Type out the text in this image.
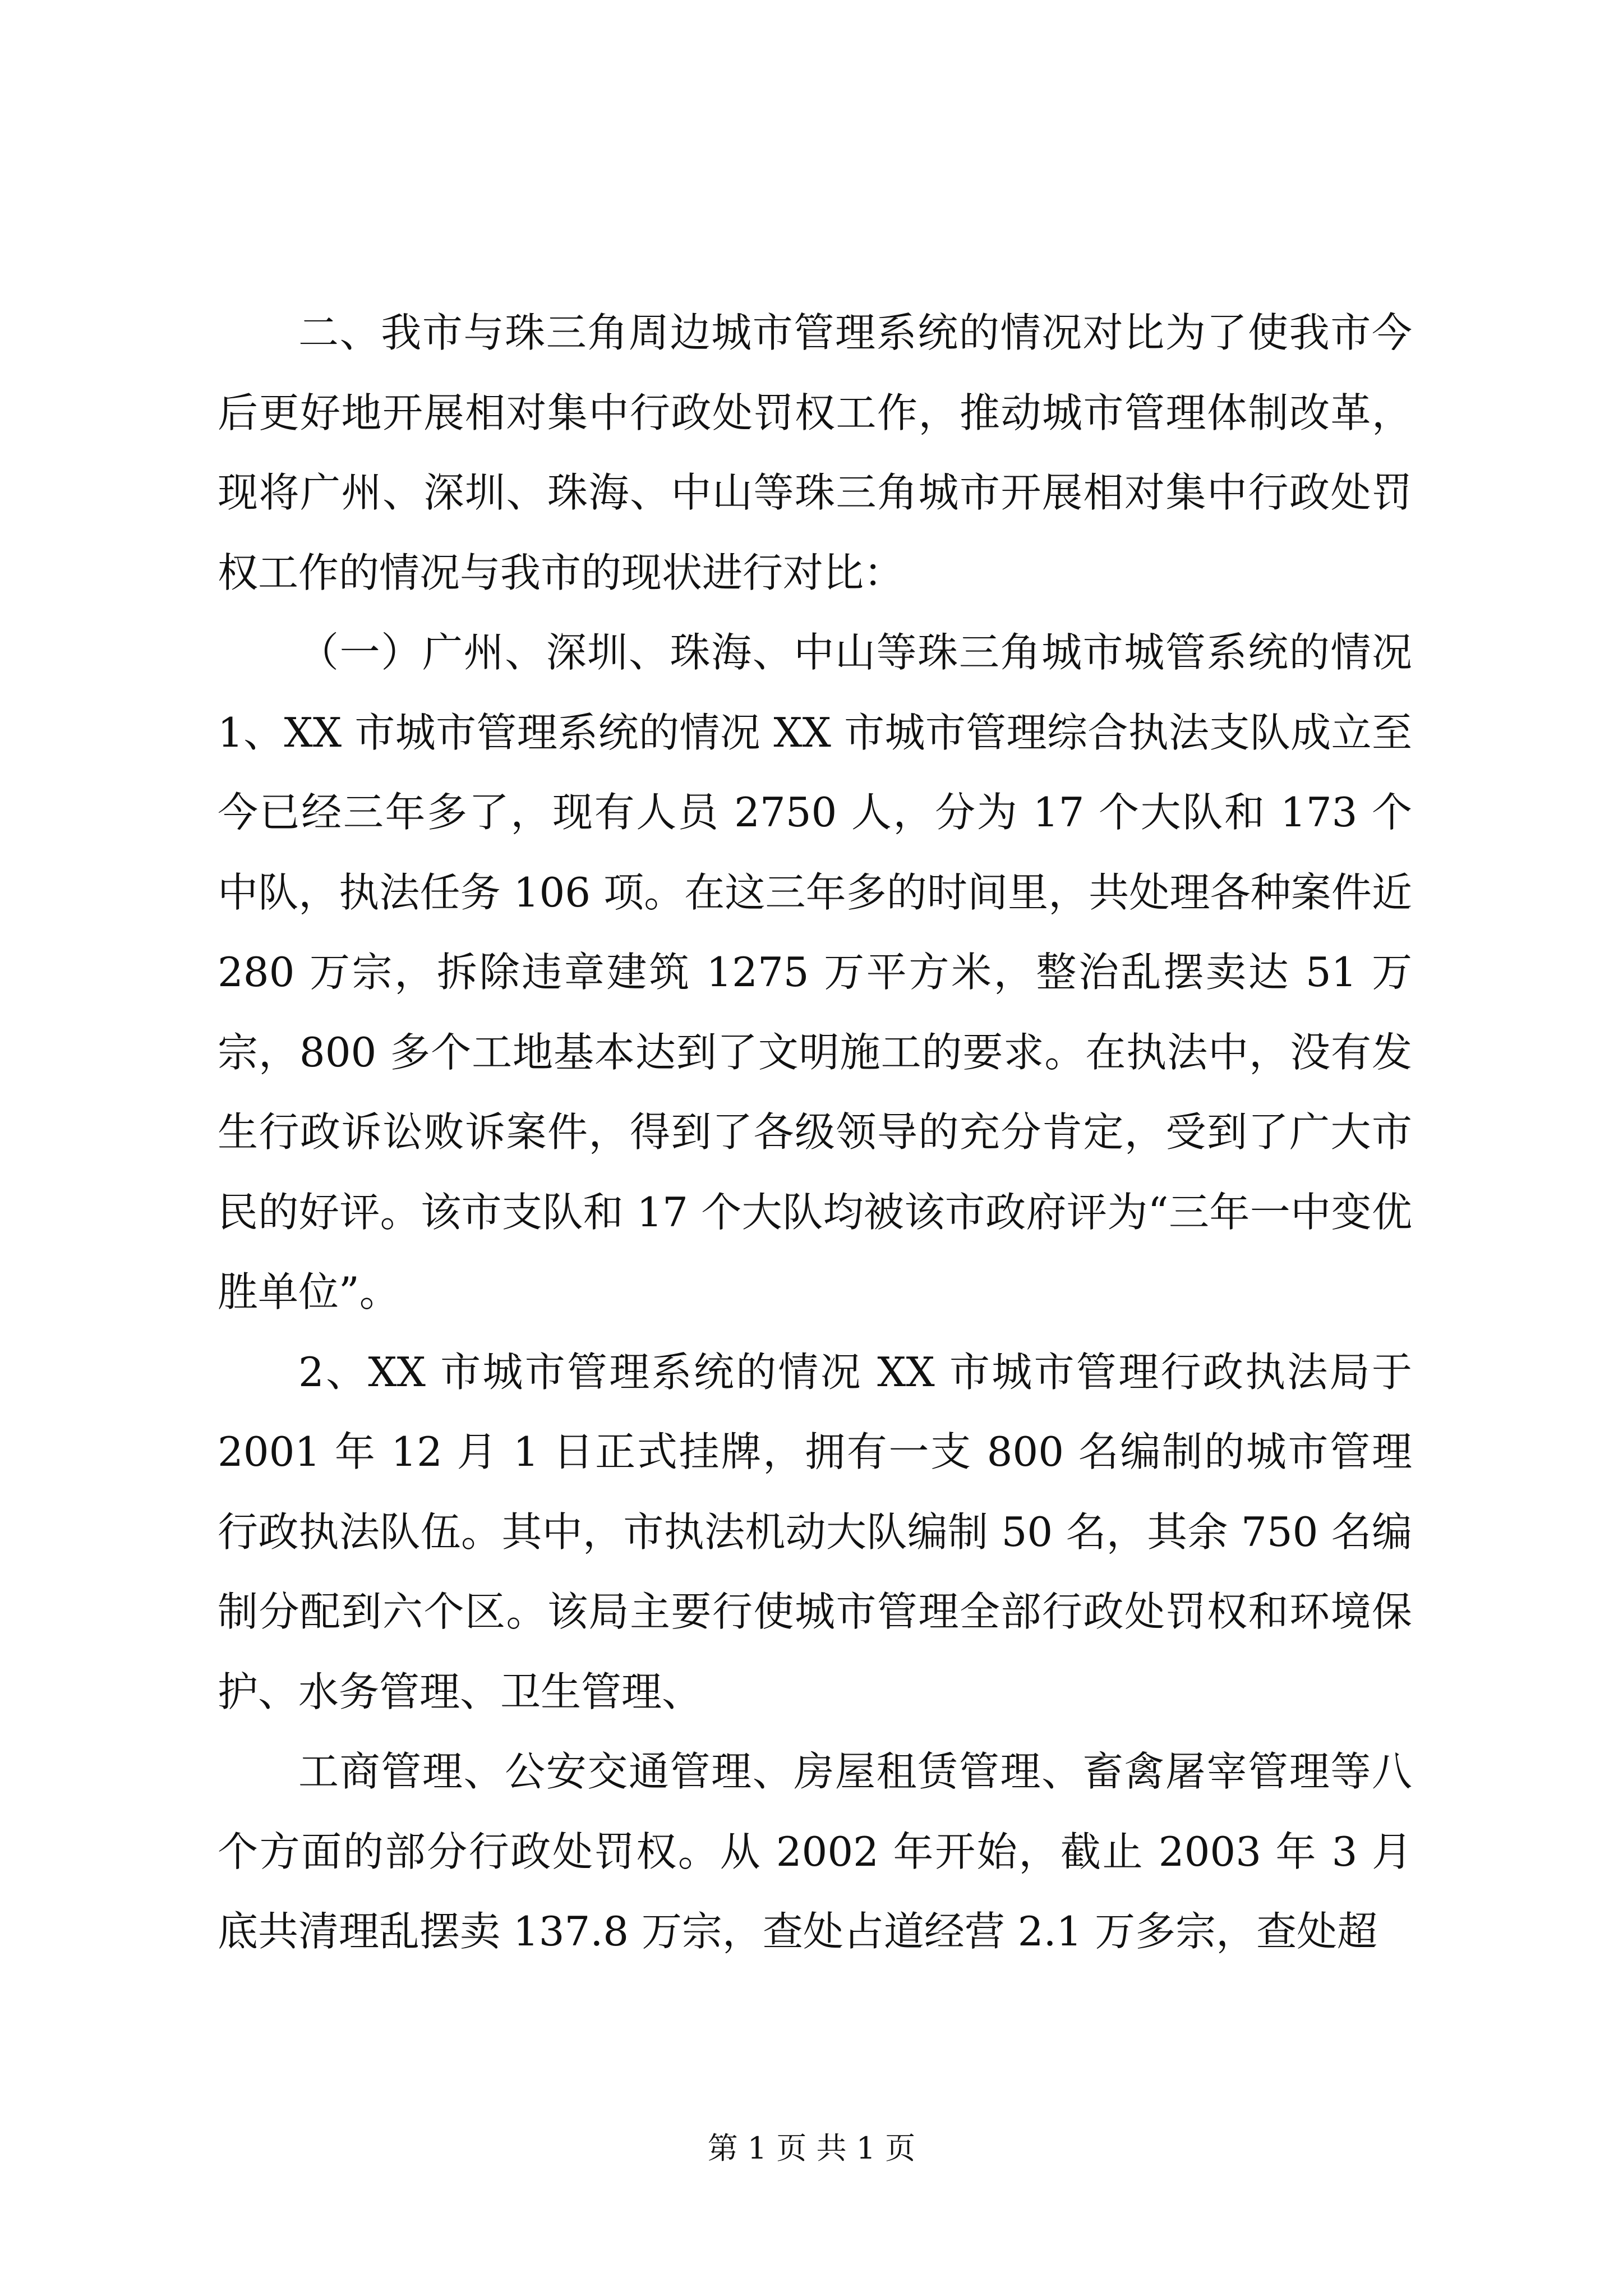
二、我市与珠三角周边城市管理系统的情况对比为了使我市今后更好地开展相对集中行政处罚权工作，推动城市管理体制改革，现将广州、深圳、珠海、中山等珠三角城市开展相对集中行政处罚权工作的情况与我市的现状进行对比：

（一）广州、深圳、珠海、中山等珠三角城市城管系统的情况 1、XX 市城市管理系统的情况 XX 市城市管理综合执法支队成立至今已经三年多了，现有人员 2750 人，分为 17 个大队和 173 个中队，执法任务 106 项。在这三年多的时间里，共处理各种案件近 280 万宗，拆除违章建筑 1275 万平方米，整治乱摆卖达 51 万宗，800 多个工地基本达到了文明施工的要求。在执法中，没有发生行政诉讼败诉案件，得到了各级领导的充分肯定，受到了广大市民的好评。该市支队和 17 个大队均被该市政府评为“三年一中变优胜单位”。

2、XX 市城市管理系统的情况 XX 市城市管理行政执法局于 2001 年 12 月 1 日正式挂牌，拥有一支 800 名编制的城市管理行政执法队伍。其中，市执法机动大队编制 50 名，其余 750 名编制分配到六个区。该局主要行使城市管理全部行政处罚权和环境保护、水务管理、卫生管理、

工商管理、公安交通管理、房屋租赁管理、畜禽屠宰管理等八个方面的部分行政处罚权。从 2002 年开始，截止 2003 年 3 月底共清理乱摆卖 137.8 万宗，查处占道经营 2.1 万多宗，查处超

第 1 页 共 1 页
